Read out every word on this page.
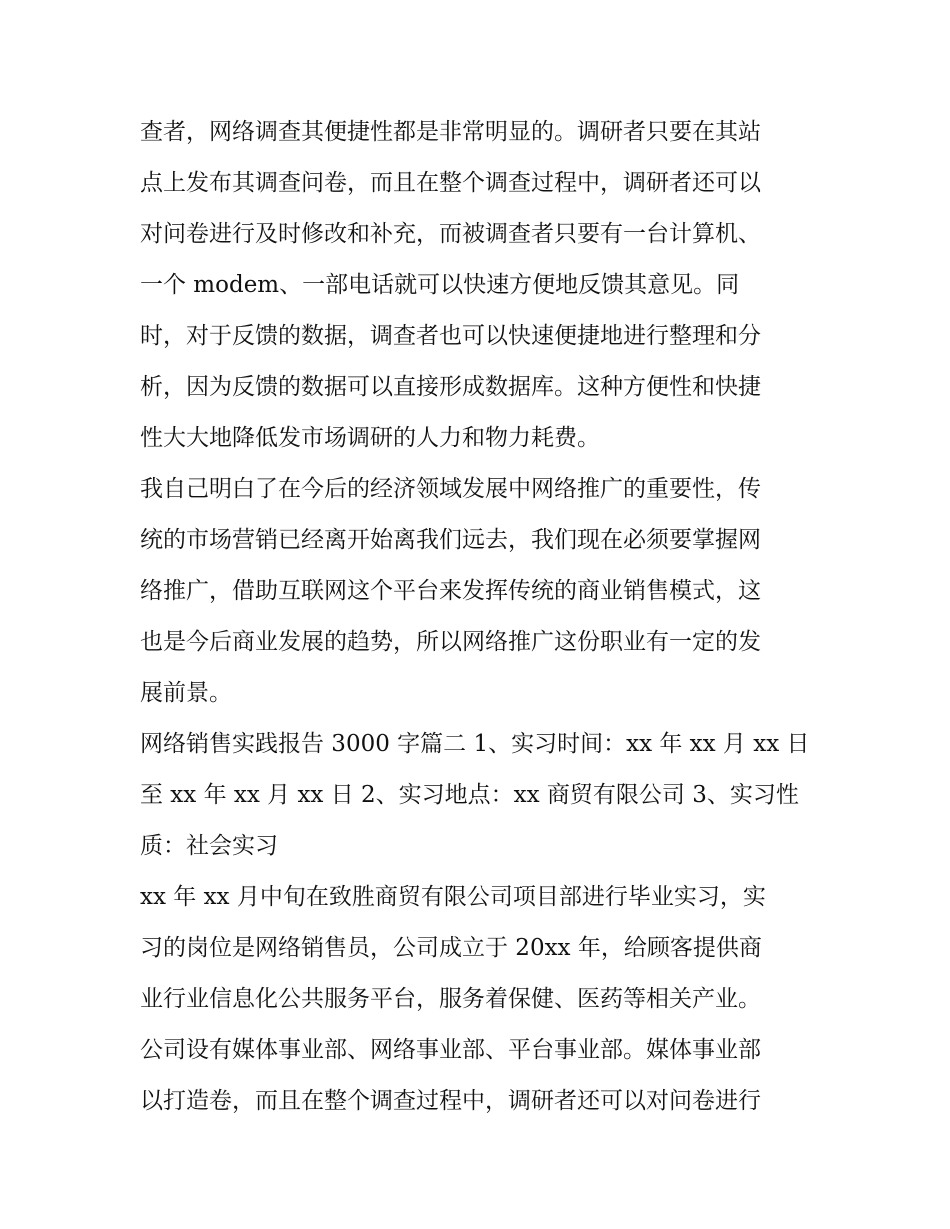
查者，网络调查其便捷性都是非常明显的。调研者只要在其站
点上发布其调查问卷，而且在整个调查过程中，调研者还可以
对问卷进行及时修改和补充，而被调查者只要有一台计算机、
一个 modem、一部电话就可以快速方便地反馈其意见。同
时，对于反馈的数据，调查者也可以快速便捷地进行整理和分
析，因为反馈的数据可以直接形成数据库。这种方便性和快捷
性大大地降低发市场调研的人力和物力耗费。
我自己明白了在今后的经济领域发展中网络推广的重要性，传
统的市场营销已经离开始离我们远去，我们现在必须要掌握网
络推广，借助互联网这个平台来发挥传统的商业销售模式，这
也是今后商业发展的趋势，所以网络推广这份职业有一定的发
展前景。
网络销售实践报告 3000 字篇二 1、实习时间：xx 年 xx 月 xx 日
至 xx 年 xx 月 xx 日 2、实习地点：xx 商贸有限公司 3、实习性
质：社会实习
xx 年 xx 月中旬在致胜商贸有限公司项目部进行毕业实习，实
习的岗位是网络销售员，公司成立于 20xx 年，给顾客提供商
业行业信息化公共服务平台，服务着保健、医药等相关产业。
公司设有媒体事业部、网络事业部、平台事业部。媒体事业部
以打造卷，而且在整个调查过程中，调研者还可以对问卷进行
